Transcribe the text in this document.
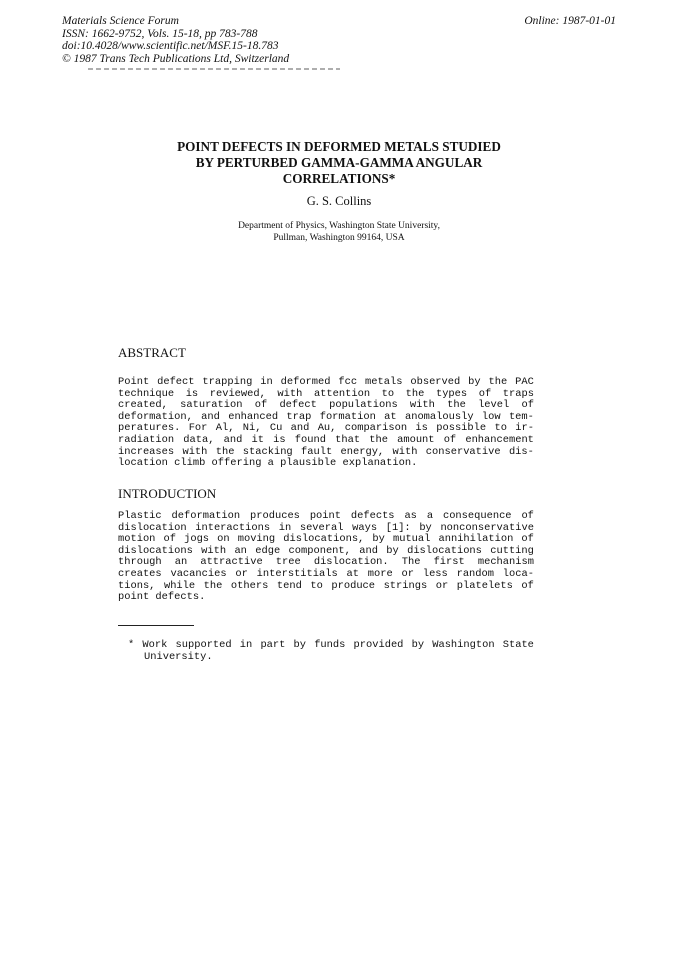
Materials Science Forum
ISSN: 1662-9752, Vols. 15-18, pp 783-788
doi:10.4028/www.scientific.net/MSF.15-18.783
© 1987 Trans Tech Publications Ltd, Switzerland
Online: 1987-01-01
POINT DEFECTS IN DEFORMED METALS STUDIED
BY PERTURBED GAMMA-GAMMA ANGULAR
CORRELATIONS*
G. S. Collins
Department of Physics, Washington State University,
Pullman, Washington 99164, USA
ABSTRACT
Point defect trapping in deformed fcc metals observed by the PAC
technique is reviewed, with attention to the types of traps
created, saturation of defect populations with the level of
deformation, and enhanced trap formation at anomalously low tem-
peratures. For Al, Ni, Cu and Au, comparison is possible to ir-
radiation data, and it is found that the amount of enhancement
increases with the stacking fault energy, with conservative dis-
location climb offering a plausible explanation.
INTRODUCTION
Plastic deformation produces point defects as a consequence of
dislocation interactions in several ways [1]: by nonconservative
motion of jogs on moving dislocations, by mutual annihilation of
dislocations with an edge component, and by dislocations cutting
through an attractive tree dislocation. The first mechanism
creates vacancies or interstitials at more or less random loca-
tions, while the others tend to produce strings or platelets of
point defects.
* Work supported in part by funds provided by Washington State
University.
